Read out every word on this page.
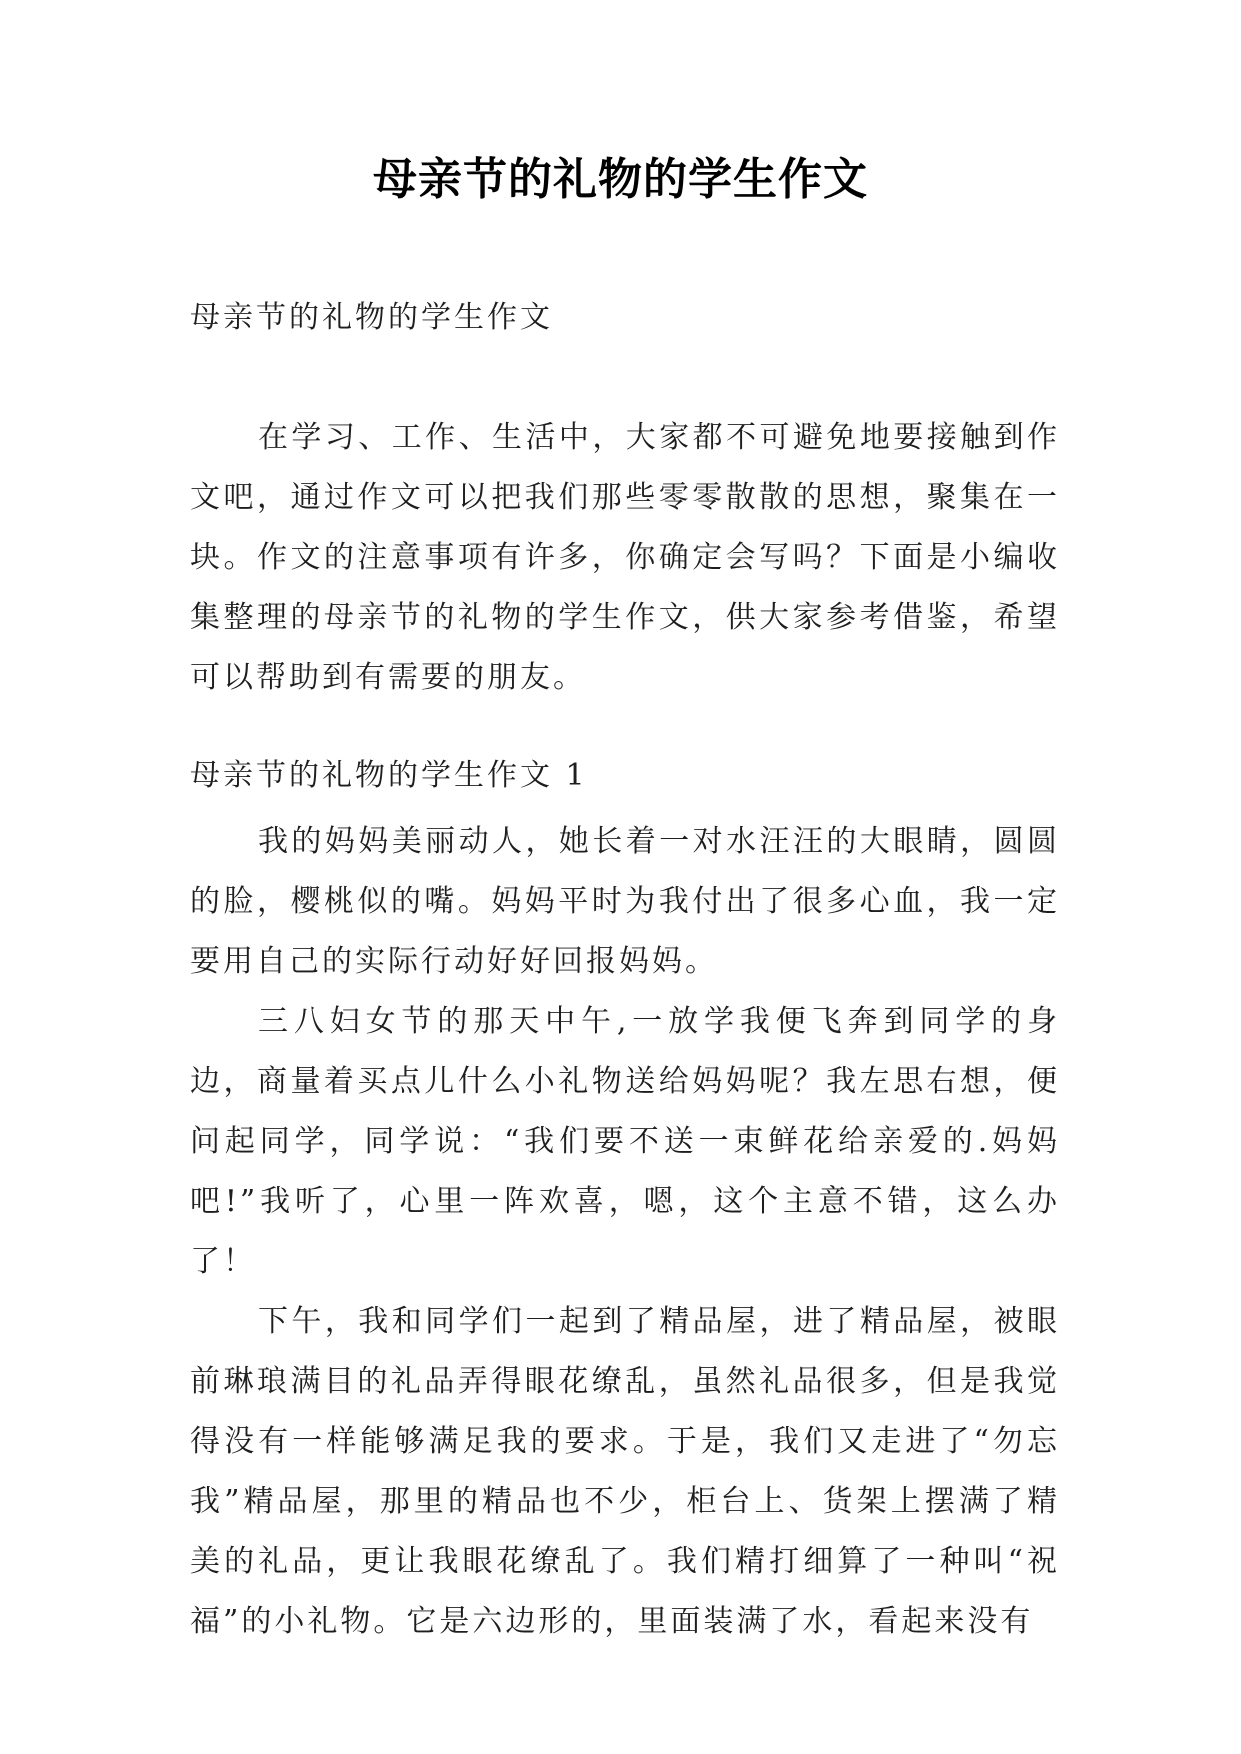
母亲节的礼物的学生作文
母亲节的礼物的学生作文
在学习、工作、生活中，大家都不可避免地要接触到作文吧，通过作文可以把我们那些零零散散的思想，聚集在一块。作文的注意事项有许多，你确定会写吗？下面是小编收集整理的母亲节的礼物的学生作文，供大家参考借鉴，希望可以帮助到有需要的朋友。
母亲节的礼物的学生作文 1

我的妈妈美丽动人，她长着一对水汪汪的大眼睛，圆圆的脸，樱桃似的嘴。妈妈平时为我付出了很多心血，我一定要用自己的实际行动好好回报妈妈。

三八妇女节的那天中午,一放学我便飞奔到同学的身边，商量着买点儿什么小礼物送给妈妈呢？我左思右想，便问起同学，同学说：“我们要不送一束鲜花给亲爱的.妈妈吧!”我听了，心里一阵欢喜，嗯，这个主意不错，这么办了！

下午，我和同学们一起到了精品屋，进了精品屋，被眼前琳琅满目的礼品弄得眼花缭乱，虽然礼品很多，但是我觉得没有一样能够满足我的要求。于是，我们又走进了“勿忘我”精品屋，那里的精品也不少，柜台上、货架上摆满了精美的礼品，更让我眼花缭乱了。我们精打细算了一种叫“祝福”的小礼物。它是六边形的，里面装满了水，看起来没有
